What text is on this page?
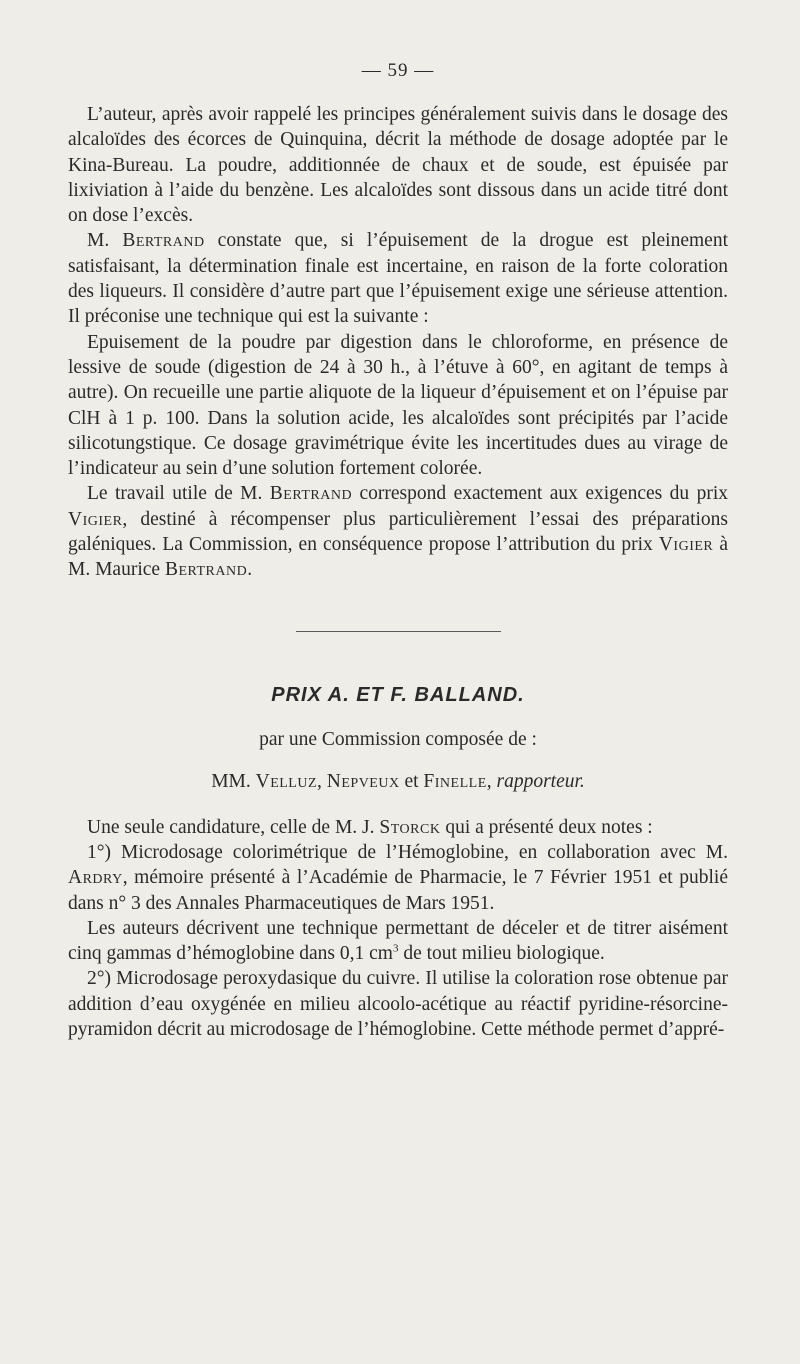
— 59 —

L’auteur, après avoir rappelé les principes généralement suivis dans le dosage des alcaloïdes des écorces de Quinquina, décrit la méthode de dosage adoptée par le Kina-Bureau. La poudre, additionnée de chaux et de soude, est épuisée par lixiviation à l’aide du benzène. Les alcaloïdes sont dissous dans un acide titré dont on dose l’excès.

M. Bertrand constate que, si l’épuisement de la drogue est pleinement satisfaisant, la détermination finale est incertaine, en raison de la forte coloration des liqueurs. Il considère d’autre part que l’épuisement exige une sérieuse attention. Il préconise une technique qui est la suivante :

Epuisement de la poudre par digestion dans le chloroforme, en présence de lessive de soude (digestion de 24 à 30 h., à l’étuve à 60°, en agitant de temps à autre). On recueille une partie aliquote de la liqueur d’épuisement et on l’épuise par ClH à 1 p. 100. Dans la solution acide, les alcaloïdes sont précipités par l’acide silicotungstique. Ce dosage gravimétrique évite les incertitudes dues au virage de l’indicateur au sein d’une solution fortement colorée.

Le travail utile de M. Bertrand correspond exactement aux exigences du prix Vigier, destiné à récompenser plus particulièrement l’essai des préparations galéniques. La Commission, en conséquence propose l’attribution du prix Vigier à M. Maurice Bertrand.

PRIX A. ET F. BALLAND.
par une Commission composée de :
MM. Velluz, Nepveux et Finelle, rapporteur.

Une seule candidature, celle de M. J. Storck qui a présenté deux notes :

1°) Microdosage colorimétrique de l’Hémoglobine, en collaboration avec M. Ardry, mémoire présenté à l’Académie de Pharmacie, le 7 Février 1951 et publié dans n° 3 des Annales Pharmaceutiques de Mars 1951.

Les auteurs décrivent une technique permettant de déceler et de titrer aisément cinq gammas d’hémoglobine dans 0,1 $cm^3$ de tout milieu biologique.

2°) Microdosage peroxydasique du cuivre. Il utilise la coloration rose obtenue par addition d’eau oxygénée en milieu alcoolo-acétique au réactif pyridine-résorcine-pyramidon décrit au microdosage de l’hémoglobine. Cette méthode permet d’appré-
